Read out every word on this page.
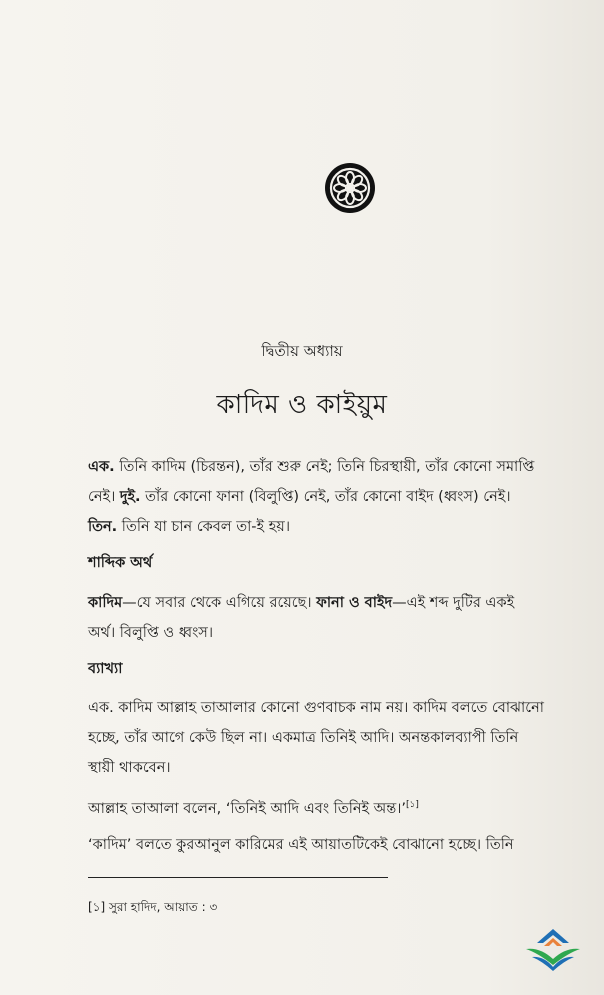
দ্বিতীয় অধ্যায়
কাদিম ও কাইয়ুম
এক. তিনি কাদিম (চিরন্তন), তাঁর শুরু নেই; তিনি চিরস্থায়ী, তাঁর কোনো সমাপ্তি
নেই। দুই. তাঁর কোনো ফানা (বিলুপ্তি) নেই, তাঁর কোনো বাইদ (ধ্বংস) নেই।
তিন. তিনি যা চান কেবল তা-ই হয়।
শাব্দিক অর্থ
কাদিম—যে সবার থেকে এগিয়ে রয়েছে। ফানা ও বাইদ—এই শব্দ দুটির একই
অর্থ। বিলুপ্তি ও ধ্বংস।
ব্যাখ্যা
এক. কাদিম আল্লাহ তাআলার কোনো গুণবাচক নাম নয়। কাদিম বলতে বোঝানো
হচ্ছে, তাঁর আগে কেউ ছিল না। একমাত্র তিনিই আদি। অনন্তকালব্যাপী তিনি
স্থায়ী থাকবেন।
আল্লাহ তাআলা বলেন, ‘তিনিই আদি এবং তিনিই অন্ত।’[১]
‘কাদিম’ বলতে কুরআনুল কারিমের এই আয়াতটিকেই বোঝানো হচ্ছে। তিনি
[১] সুরা হাদিদ, আয়াত : ৩
